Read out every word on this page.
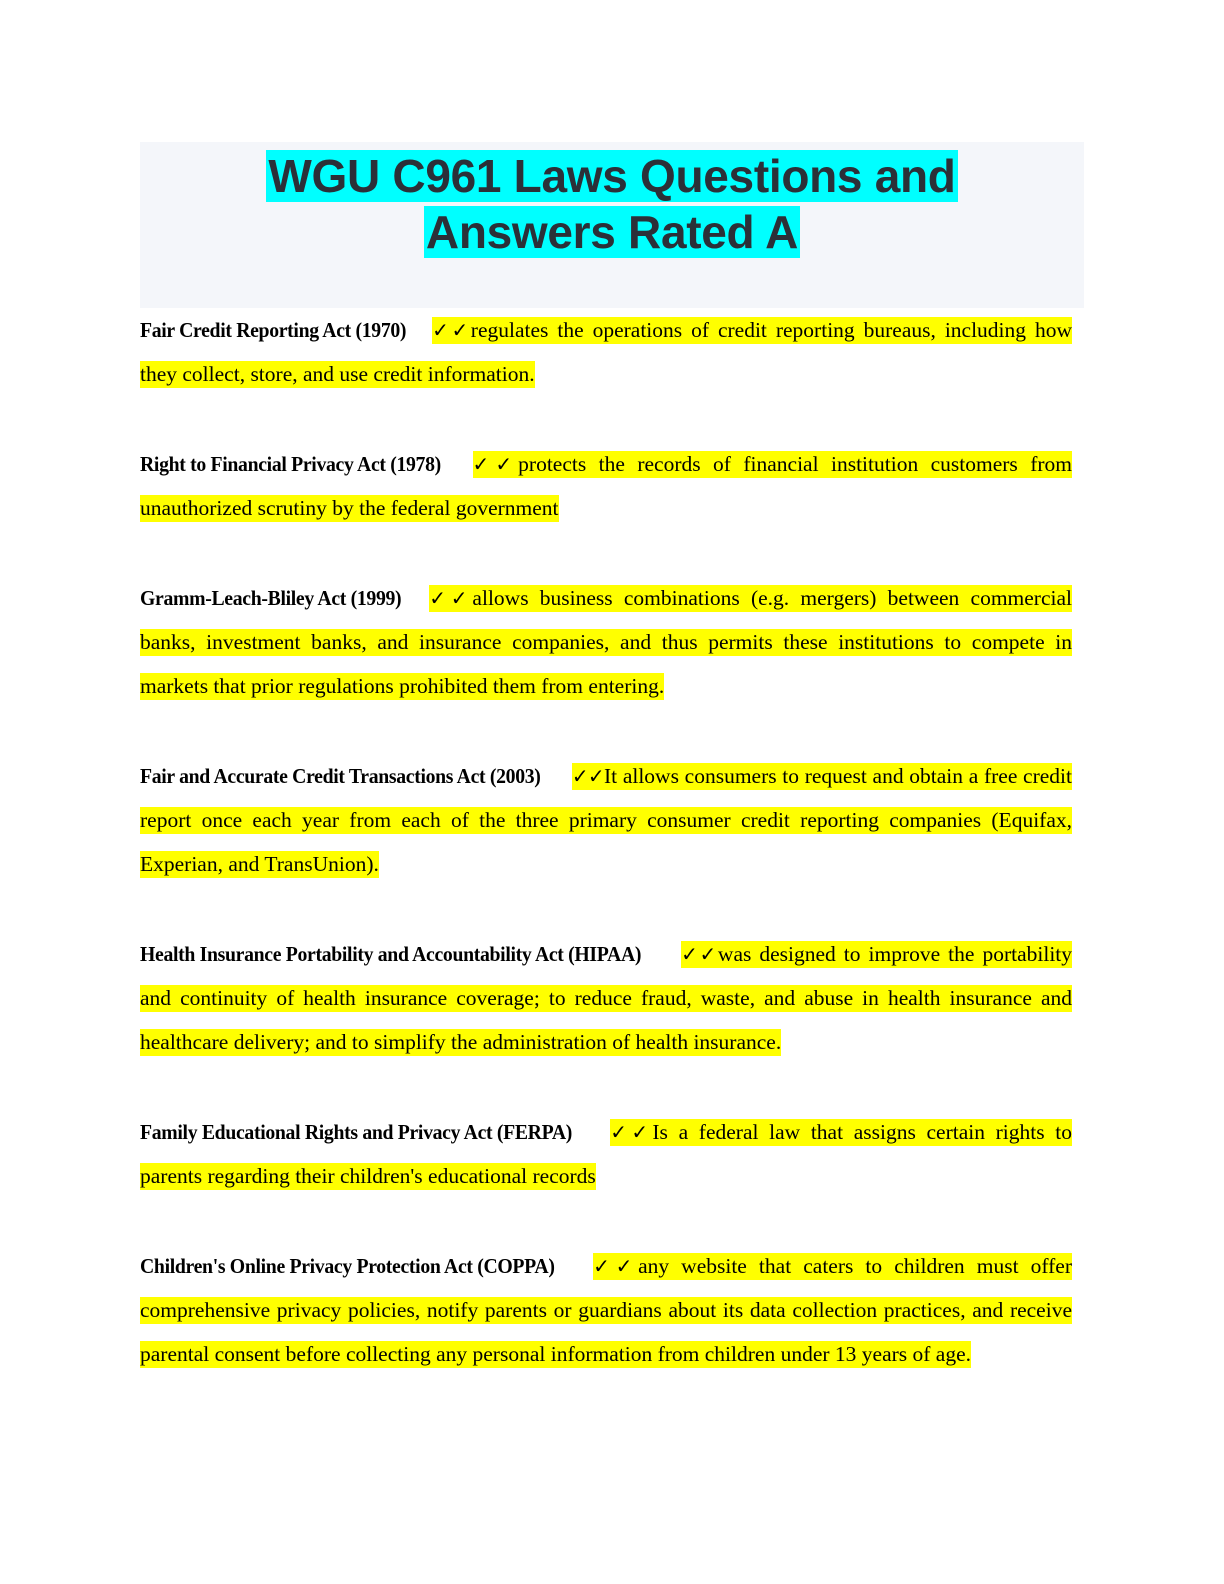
WGU C961 Laws Questions and
Answers Rated A

Fair Credit Reporting Act (1970) ✓✓regulates the operations of credit reporting bureaus, including how they collect, store, and use credit information.

Right to Financial Privacy Act (1978) ✓✓protects the records of financial institution customers from unauthorized scrutiny by the federal government

Gramm-Leach-Bliley Act (1999) ✓✓allows business combinations (e.g. mergers) between commercial banks, investment banks, and insurance companies, and thus permits these institutions to compete in markets that prior regulations prohibited them from entering.

Fair and Accurate Credit Transactions Act (2003) ✓✓It allows consumers to request and obtain a free credit report once each year from each of the three primary consumer credit reporting companies (Equifax, Experian, and TransUnion).

Health Insurance Portability and Accountability Act (HIPAA) ✓✓was designed to improve the portability and continuity of health insurance coverage; to reduce fraud, waste, and abuse in health insurance and healthcare delivery; and to simplify the administration of health insurance.

Family Educational Rights and Privacy Act (FERPA) ✓✓Is a federal law that assigns certain rights to parents regarding their children's educational records

Children's Online Privacy Protection Act (COPPA) ✓✓any website that caters to children must offer comprehensive privacy policies, notify parents or guardians about its data collection practices, and receive parental consent before collecting any personal information from children under 13 years of age.
